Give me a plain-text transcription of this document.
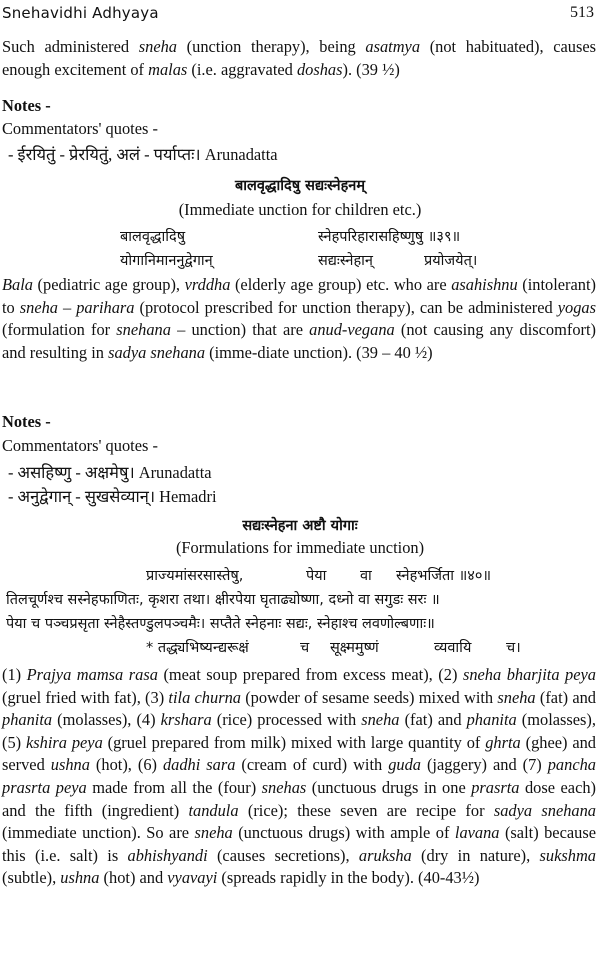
Snehavidhi Adhyaya	513

Such administered sneha (unction therapy), being asatmya (not habituated), causes enough excitement of malas (i.e. aggravated doshas). (39 ½)

Notes -
Commentators' quotes -
- ईरयितुं - प्रेरयितुं, अलं - पर्याप्तः। Arunadatta
बालवृद्धादिषु सद्यःस्नेहनम्
(Immediate unction for children etc.)
बालवृद्धादिषु	स्नेहपरिहारासहिष्णुषु ॥३९॥
योगानिमाननुद्वेगान्	सद्यःस्नेहान्	प्रयोजयेत्।

Bala (pediatric age group), vrddha (elderly age group) etc. who are asahishnu (intolerant) to sneha – parihara (protocol prescribed for unction therapy), can be administered yogas (formulation for snehana – unction) that are anud-vegana (not causing any discomfort) and resulting in sadya snehana (imme-diate unction). (39 – 40 ½)

Notes -
Commentators' quotes -
- असहिष्णु - अक्षमेषु। Arunadatta
- अनुद्वेगान् - सुखसेव्यान्। Hemadri
सद्यःस्नेहना अष्टौ योगाः
(Formulations for immediate unction)
प्राज्यमांसरसास्तेषु,	पेया वा स्नेहभर्जिता ॥४०॥
तिलचूर्णश्च सस्नेहफाणितः, कृशरा तथा। क्षीरपेया घृताढ्योष्णा, दध्नो वा सगुडः सरः ॥
पेया च पञ्चप्रसृता स्नेहैस्तण्डुलपञ्चमैः। सप्तैते स्नेहनाः सद्यः, स्नेहाश्च लवणोल्बणाः॥
* तद्ध्यभिष्यन्द्यरूक्षं	च सूक्ष्ममुष्णं	व्यवायि च।

(1) Prajya mamsa rasa (meat soup prepared from excess meat), (2) sneha bharjita peya (gruel fried with fat), (3) tila churna (powder of sesame seeds) mixed with sneha (fat) and phanita (molasses), (4) krshara (rice) processed with sneha (fat) and phanita (molasses), (5) kshira peya (gruel prepared from milk) mixed with large quantity of ghrta (ghee) and served ushna (hot), (6) dadhi sara (cream of curd) with guda (jaggery) and (7) pancha prasrta peya made from all the (four) snehas (unctuous drugs in one prasrta dose each) and the fifth (ingredient) tandula (rice); these seven are recipe for sadya snehana (immediate unction). So are sneha (unctuous drugs) with ample of lavana (salt) because this (i.e. salt) is abhishyandi (causes secretions), aruksha (dry in nature), sukshma (subtle), ushna (hot) and vyavayi (spreads rapidly in the body). (40-43½)
